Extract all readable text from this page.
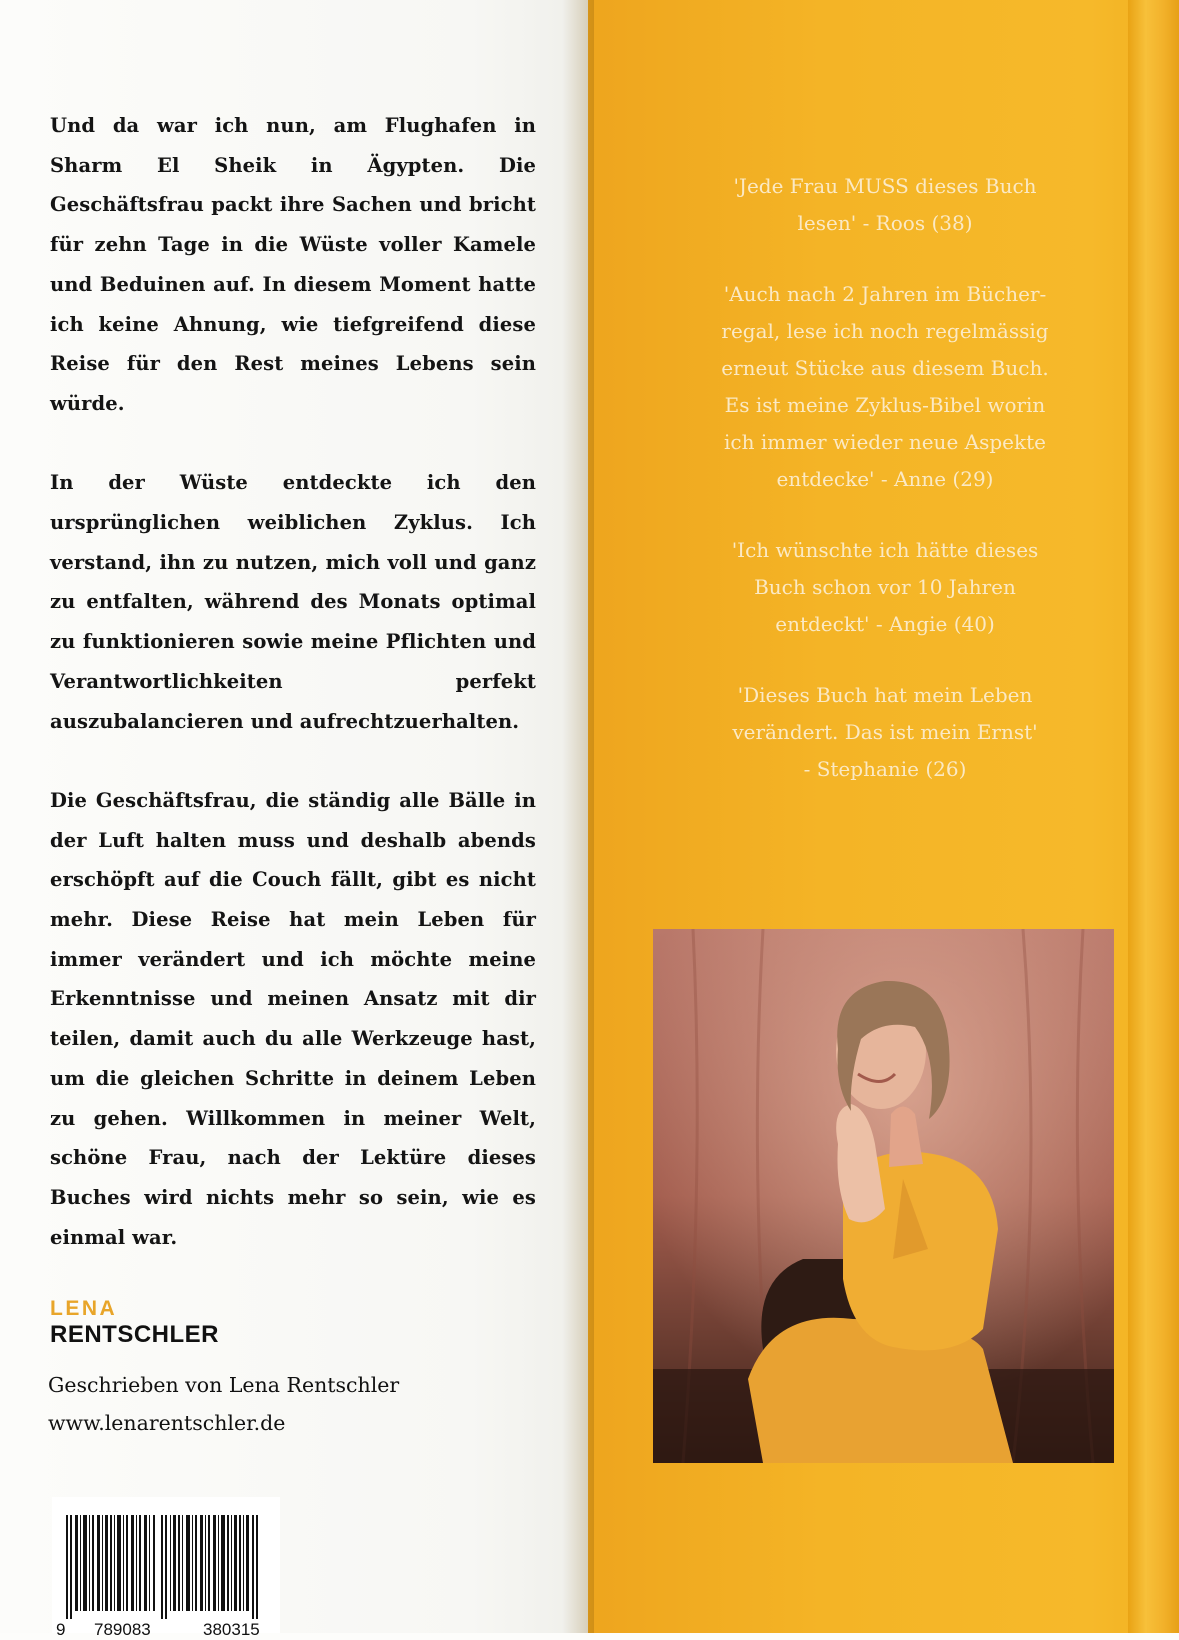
Und da war ich nun, am Flughafen in Sharm El Sheik in Ägypten. Die Geschäftsfrau packt ihre Sachen und bricht für zehn Tage in die Wüste voller Kamele und Beduinen auf. In diesem Moment hatte ich keine Ahnung, wie tiefgreifend diese Reise für den Rest meines Lebens sein würde.

In der Wüste entdeckte ich den ursprünglichen weiblichen Zyklus. Ich verstand, ihn zu nutzen, mich voll und ganz zu entfalten, während des Monats optimal zu funktionieren sowie meine Pflichten und Verantwortlichkeiten perfekt auszubalancieren und aufrechtzuerhalten.

Die Geschäftsfrau, die ständig alle Bälle in der Luft halten muss und deshalb abends erschöpft auf die Couch fällt, gibt es nicht mehr. Diese Reise hat mein Leben für immer verändert und ich möchte meine Erkenntnisse und meinen Ansatz mit dir teilen, damit auch du alle Werkzeuge hast, um die gleichen Schritte in deinem Leben zu gehen. Willkommen in meiner Welt, schöne Frau, nach der Lektüre dieses Buches wird nichts mehr so sein, wie es einmal war.

LENA
RENTSCHLER
Geschrieben von Lena Rentschler
www.lenarentschler.de
9 789083	380315
'Jede Frau MUSS dieses Buch
lesen' - Roos (38)
'Auch nach 2 Jahren im Bücher-
regal, lese ich noch regelmässig
erneut Stücke aus diesem Buch.
Es ist meine Zyklus-Bibel worin
ich immer wieder neue Aspekte
entdecke' - Anne (29)
'Ich wünschte ich hätte dieses
Buch schon vor 10 Jahren
entdeckt' - Angie (40)
'Dieses Buch hat mein Leben
verändert. Das ist mein Ernst'
- Stephanie (26)
